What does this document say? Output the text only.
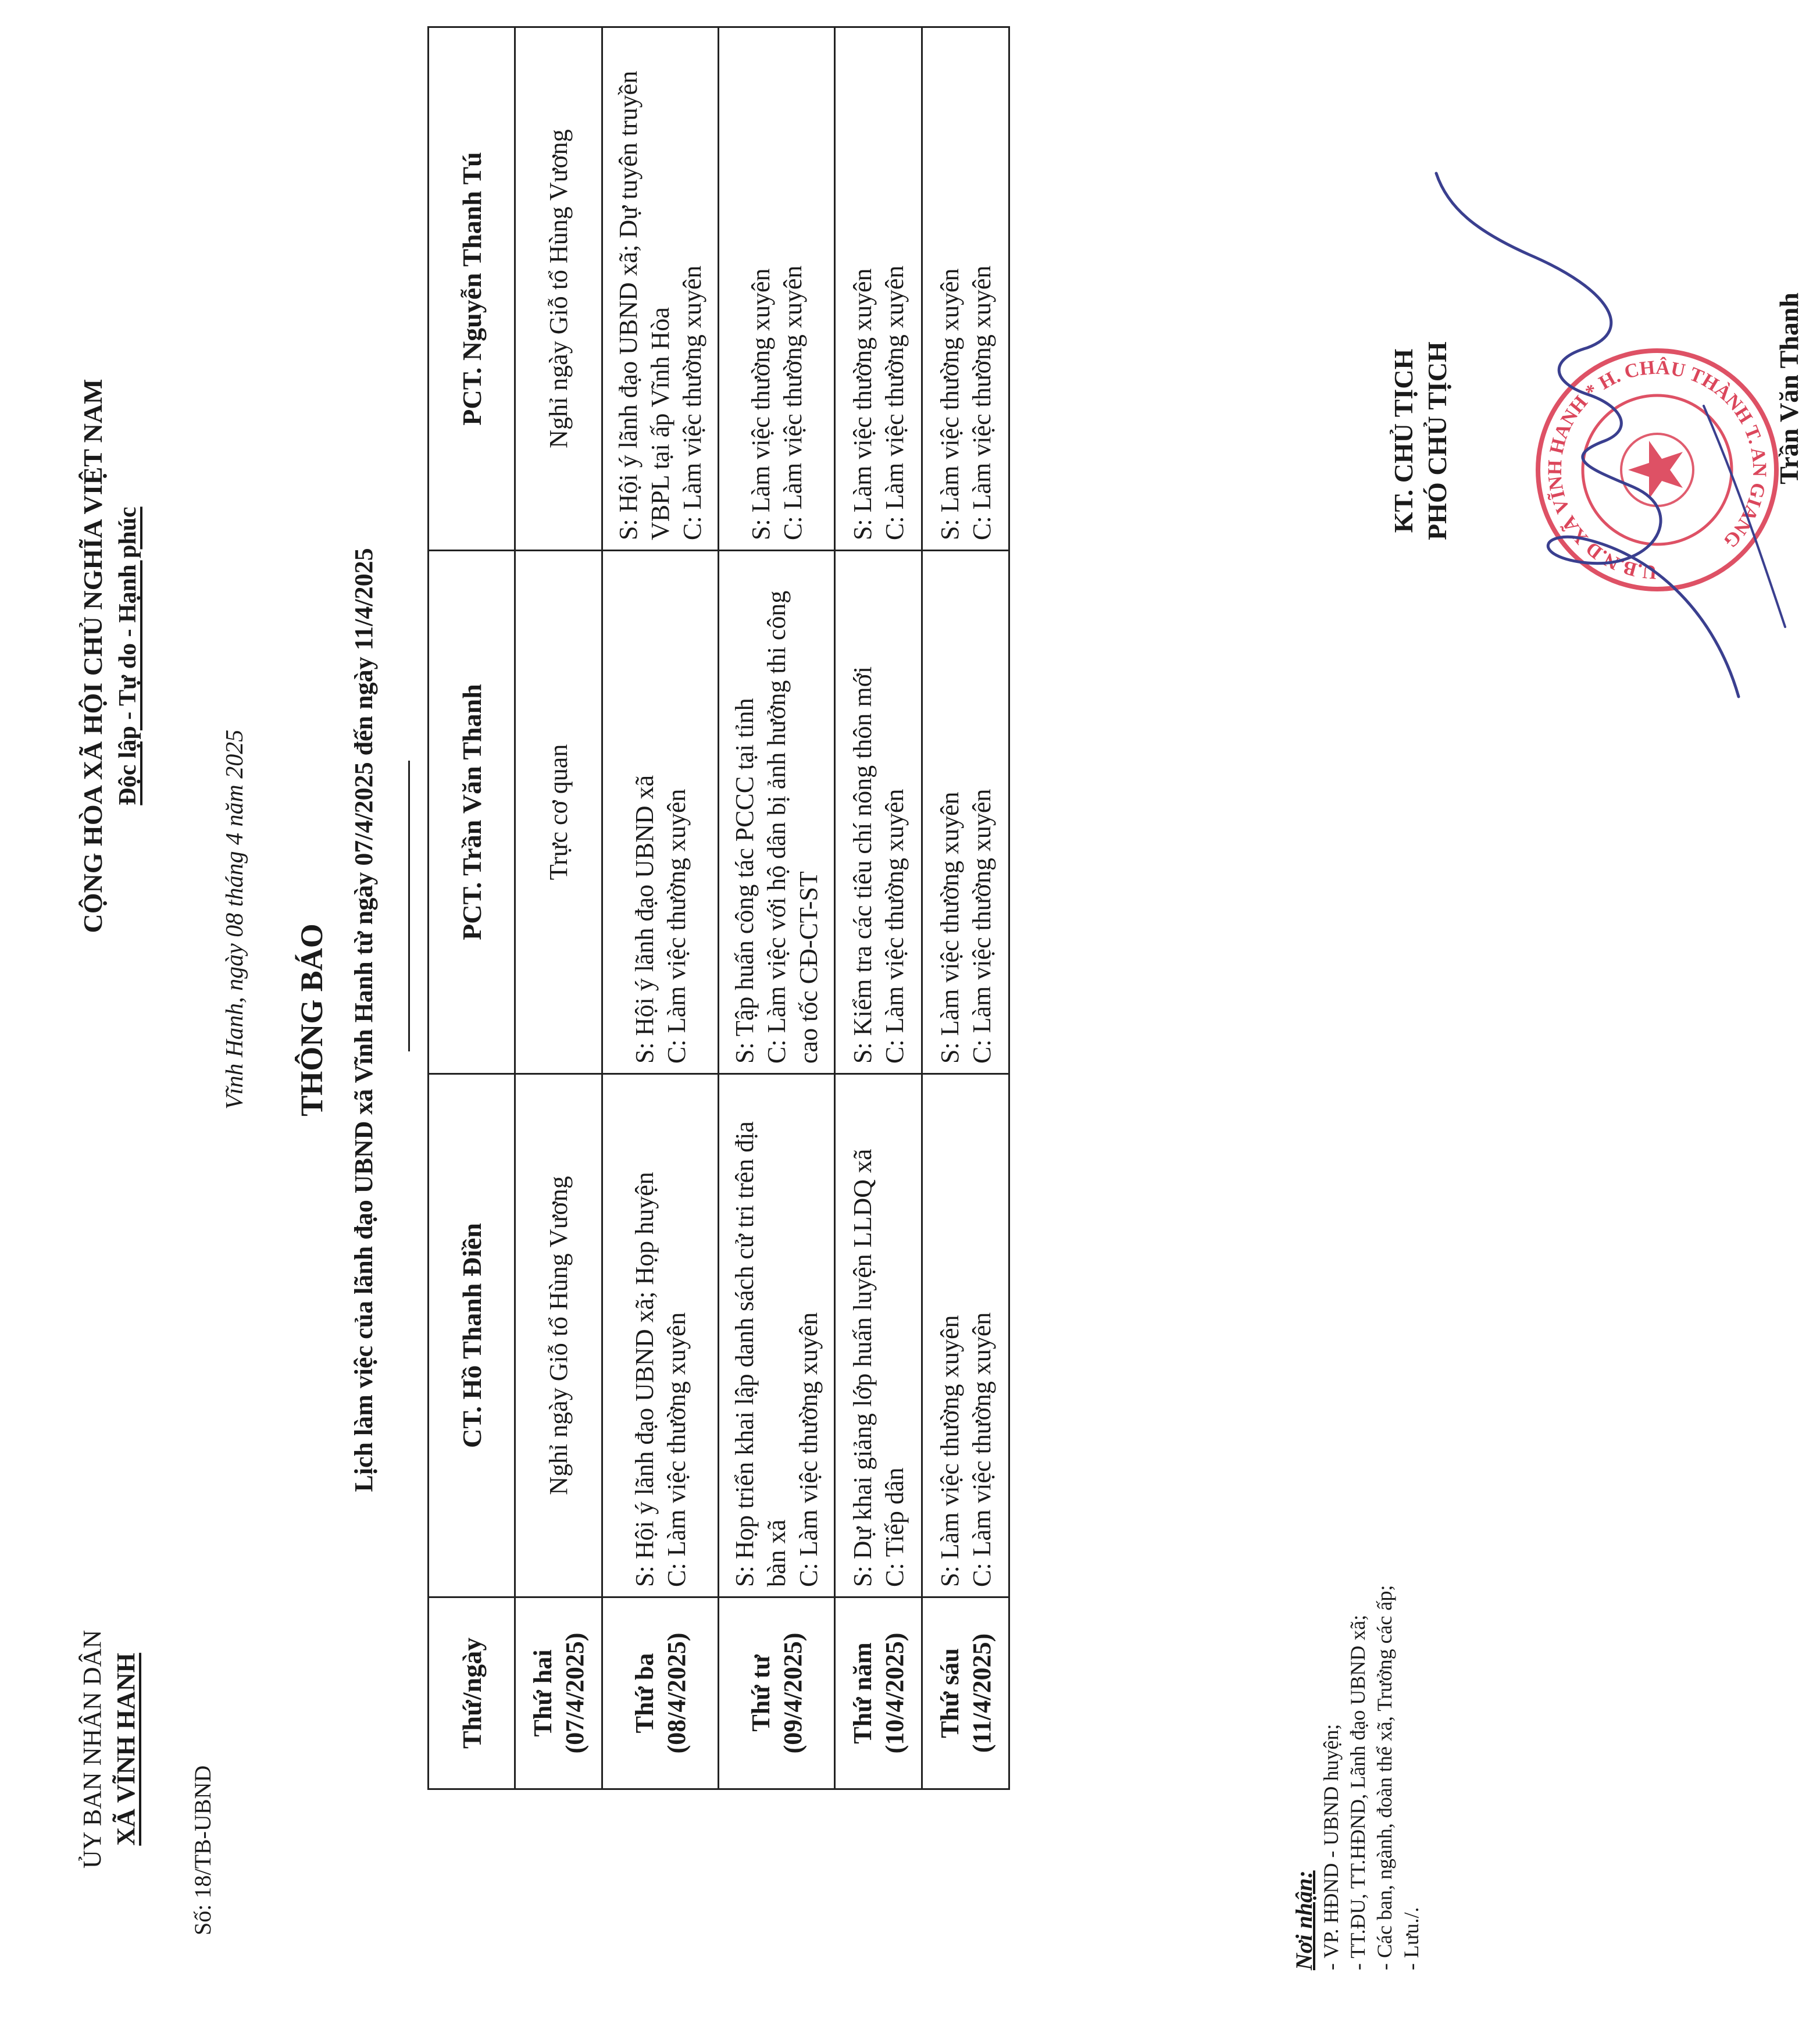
ỦY BAN NHÂN DÂN XÃ VĨNH HANH
Số: 18/TB-UBND
CỘNG HÒA XÃ HỘI CHỦ NGHĨA VIỆT NAM Độc lập - Tự do - Hạnh phúc
Vĩnh Hanh, ngày 08 tháng 4 năm 2025 THÔNG BÁO Lịch làm việc của lãnh đạo UBND xã Vĩnh Hanh từ ngày 07/4/2025 đến ngày 11/4/2025
Thứ/ngày	CT. Hồ Thanh Điền	PCT. Trần Văn Thanh	PCT. Nguyễn Thanh Tú

Thứ hai (07/4/2025)	Nghỉ ngày Giỗ tổ Hùng Vương	Trực cơ quan	Nghỉ ngày Giỗ tổ Hùng Vương

Thứ ba (08/4/2025)	S: Hội ý lãnh đạo UBND xã; Họp huyện C: Làm việc thường xuyên	S: Hội ý lãnh đạo UBND xã C: Làm việc thường xuyên	S: Hội ý lãnh đạo UBND xã; Dự tuyên truyền VBPL tại ấp Vĩnh Hòa C: Làm việc thường xuyên

Thứ tư (09/4/2025)	S: Họp triển khai lập danh sách cử tri trên địa bàn xã C: Làm việc thường xuyên	S: Tập huấn công tác PCCC tại tỉnh C: Làm việc với hộ dân bị ảnh hưởng thi công cao tốc CĐ-CT-ST	S: Làm việc thường xuyên C: Làm việc thường xuyên

Thứ năm (10/4/2025)	S: Dự khai giảng lớp huấn luyện LLDQ xã C: Tiếp dân	S: Kiểm tra các tiêu chí nông thôn mới C: Làm việc thường xuyên	S: Làm việc thường xuyên C: Làm việc thường xuyên

Thứ sáu (11/4/2025)	S: Làm việc thường xuyên C: Làm việc thường xuyên	S: Làm việc thường xuyên C: Làm việc thường xuyên	S: Làm việc thường xuyên C: Làm việc thường xuyên
Nơi nhận: - VP. HĐND - UBND huyện; - TT.ĐU, TT.HĐND, Lãnh đạo UBND xã; - Các ban, ngành, đoàn thể xã, Trưởng các ấp; - Lưu./.
KT. CHỦ TỊCH PHÓ CHỦ TỊCH
U.B.N.D XÃ VĨNH HANH * H. CHÂU THÀNH T. AN GIANG
Trần Văn Thanh
